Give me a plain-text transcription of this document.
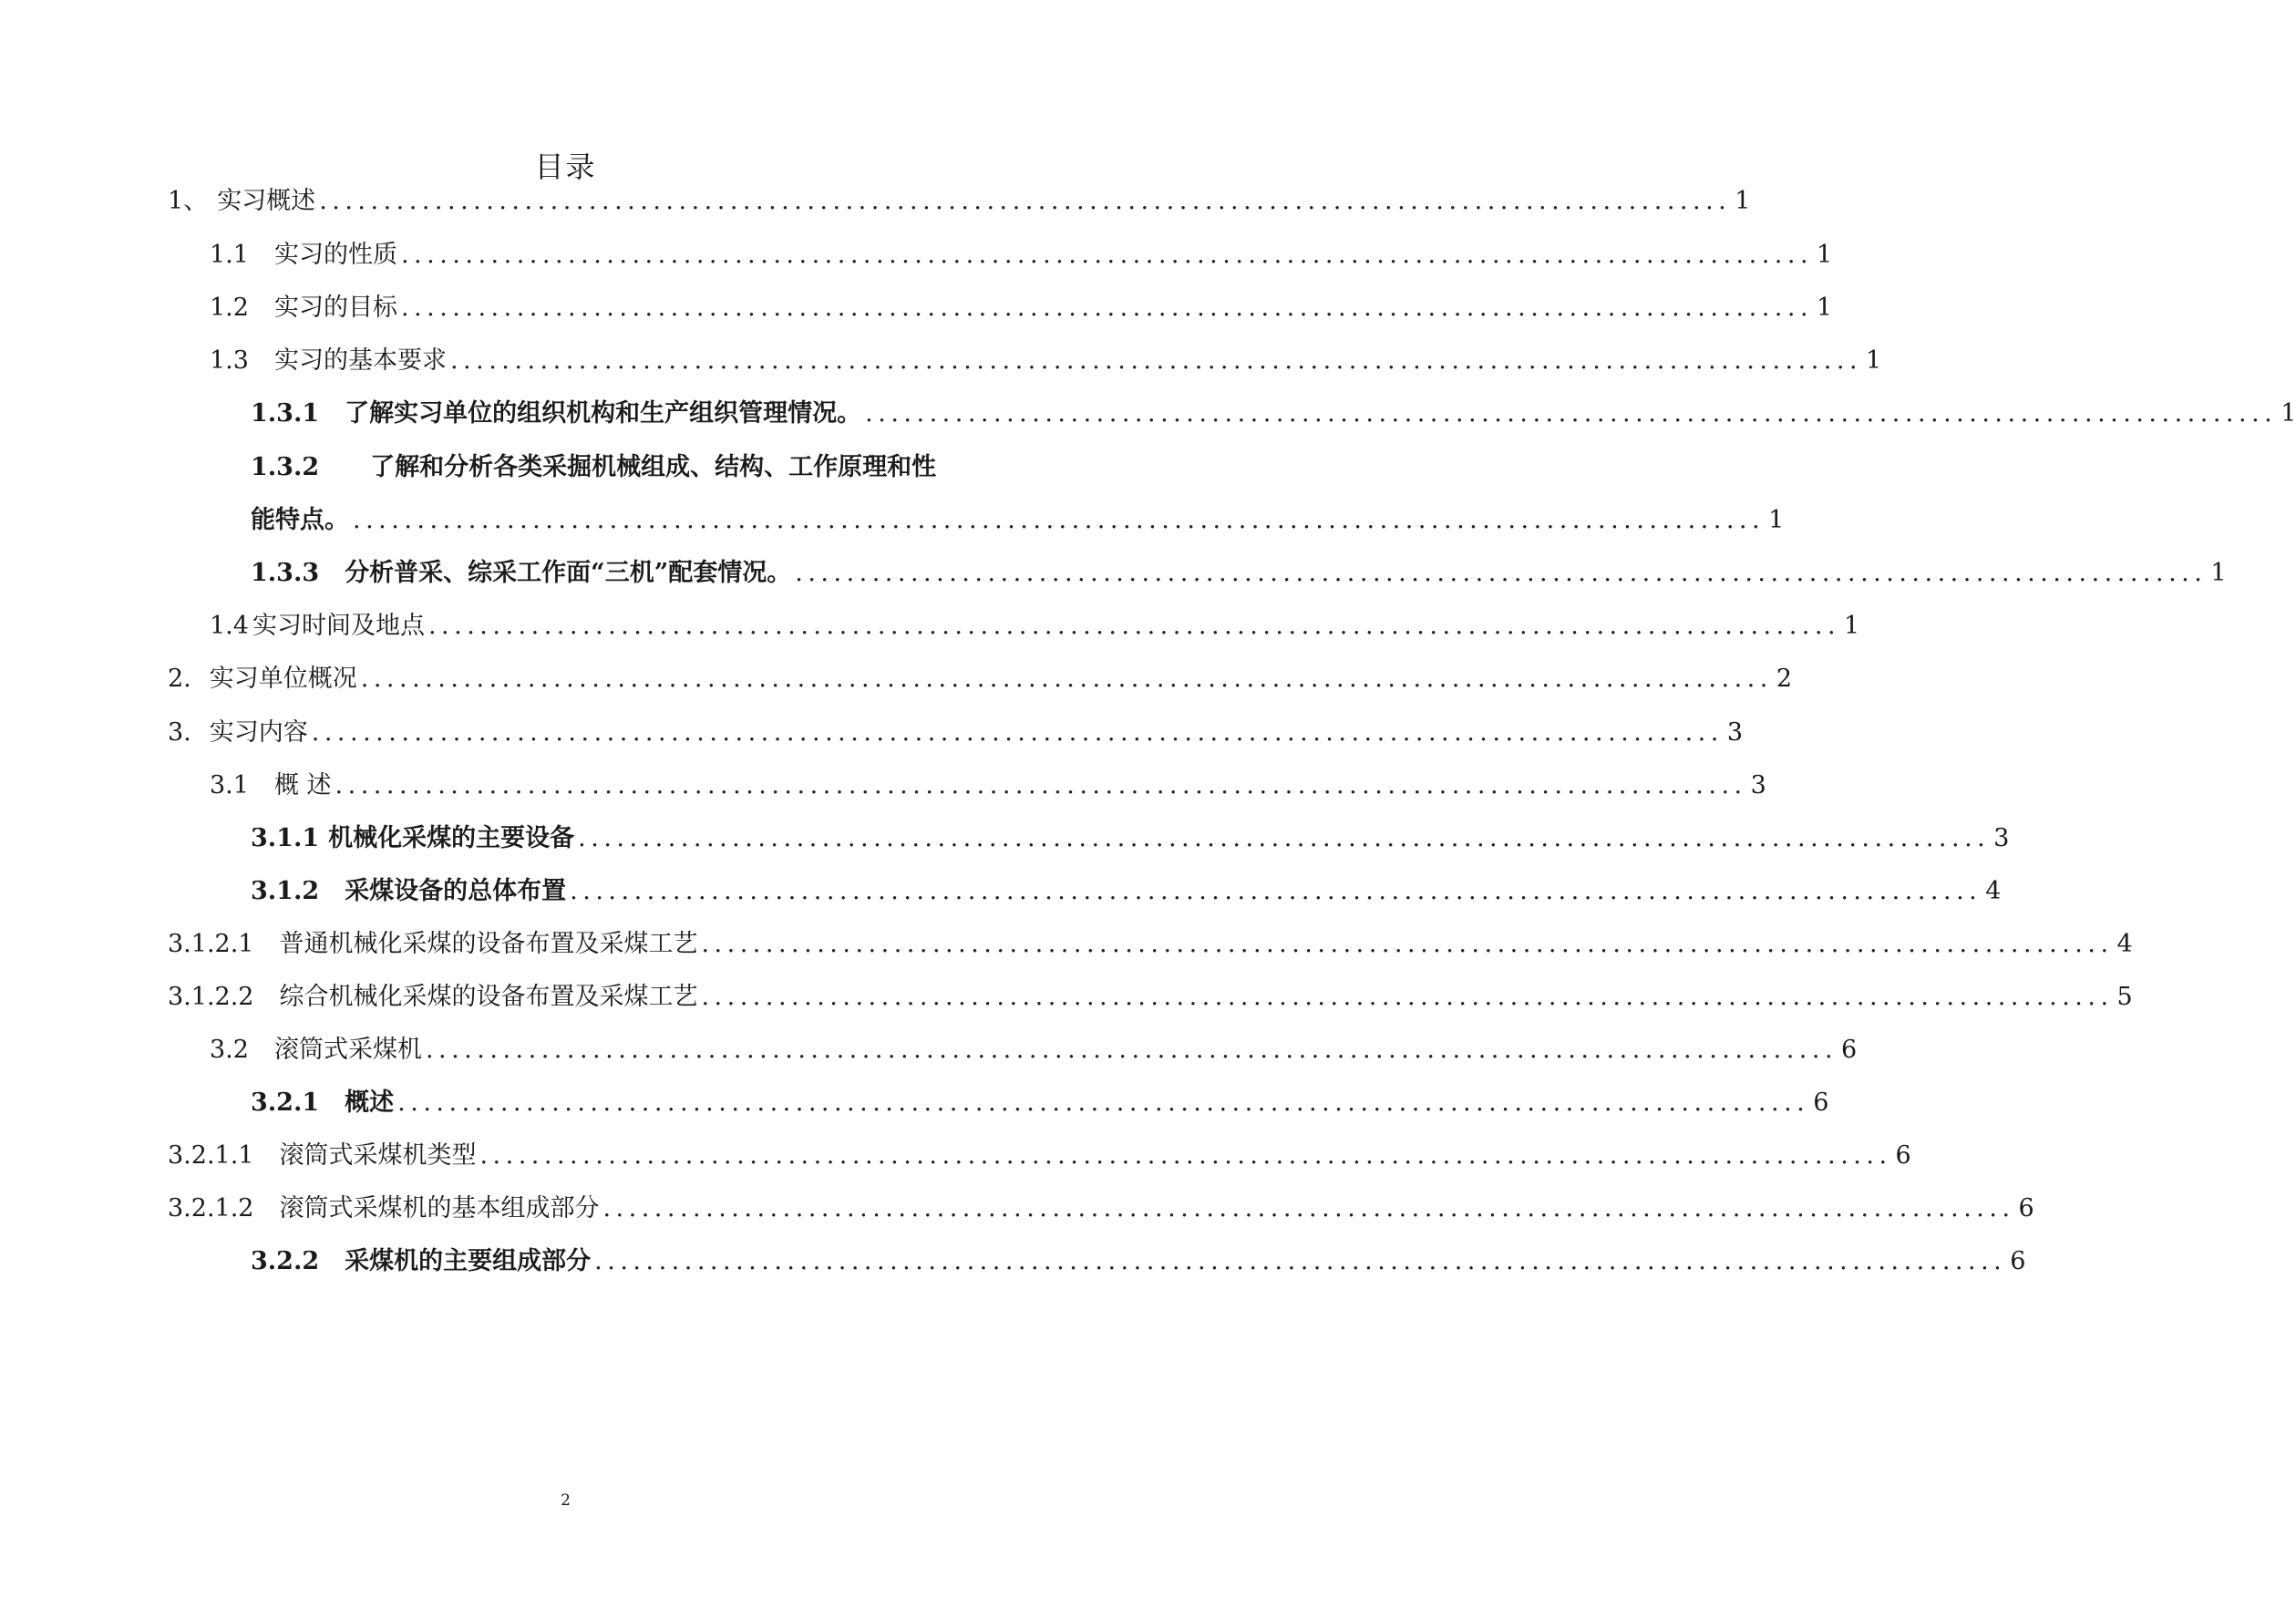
目录
1、 实习概述 .............................................................................................................. 1
1.1 实习的性质 .............................................................................................................. 1
1.2 实习的目标 .............................................................................................................. 1
1.3 实习的基本要求 .............................................................................................................. 1
1.3.1 了解实习单位的组织机构和生产组织管理情况。 .............................................................................................................. 1
1.3.2 了解和分析各类采掘机械组成、结构、工作原理和性
能特点。 .............................................................................................................. 1
1.3.3 分析普采、综采工作面“三机”配套情况。 .............................................................................................................. 1
1.4 实习时间及地点 .............................................................................................................. 1
2. 实习单位概况 .............................................................................................................. 2
3. 实习内容 .............................................................................................................. 3
3.1 概 述 .............................................................................................................. 3
3.1.1 机械化采煤的主要设备 .............................................................................................................. 3
3.1.2 采煤设备的总体布置 .............................................................................................................. 4
3.1.2.1 普通机械化采煤的设备布置及采煤工艺 .............................................................................................................. 4
3.1.2.2 综合机械化采煤的设备布置及采煤工艺 .............................................................................................................. 5
3.2 滚筒式采煤机 .............................................................................................................. 6
3.2.1 概述 .............................................................................................................. 6
3.2.1.1 滚筒式采煤机类型 .............................................................................................................. 6
3.2.1.2 滚筒式采煤机的基本组成部分 .............................................................................................................. 6
3.2.2 采煤机的主要组成部分 .............................................................................................................. 6

2
